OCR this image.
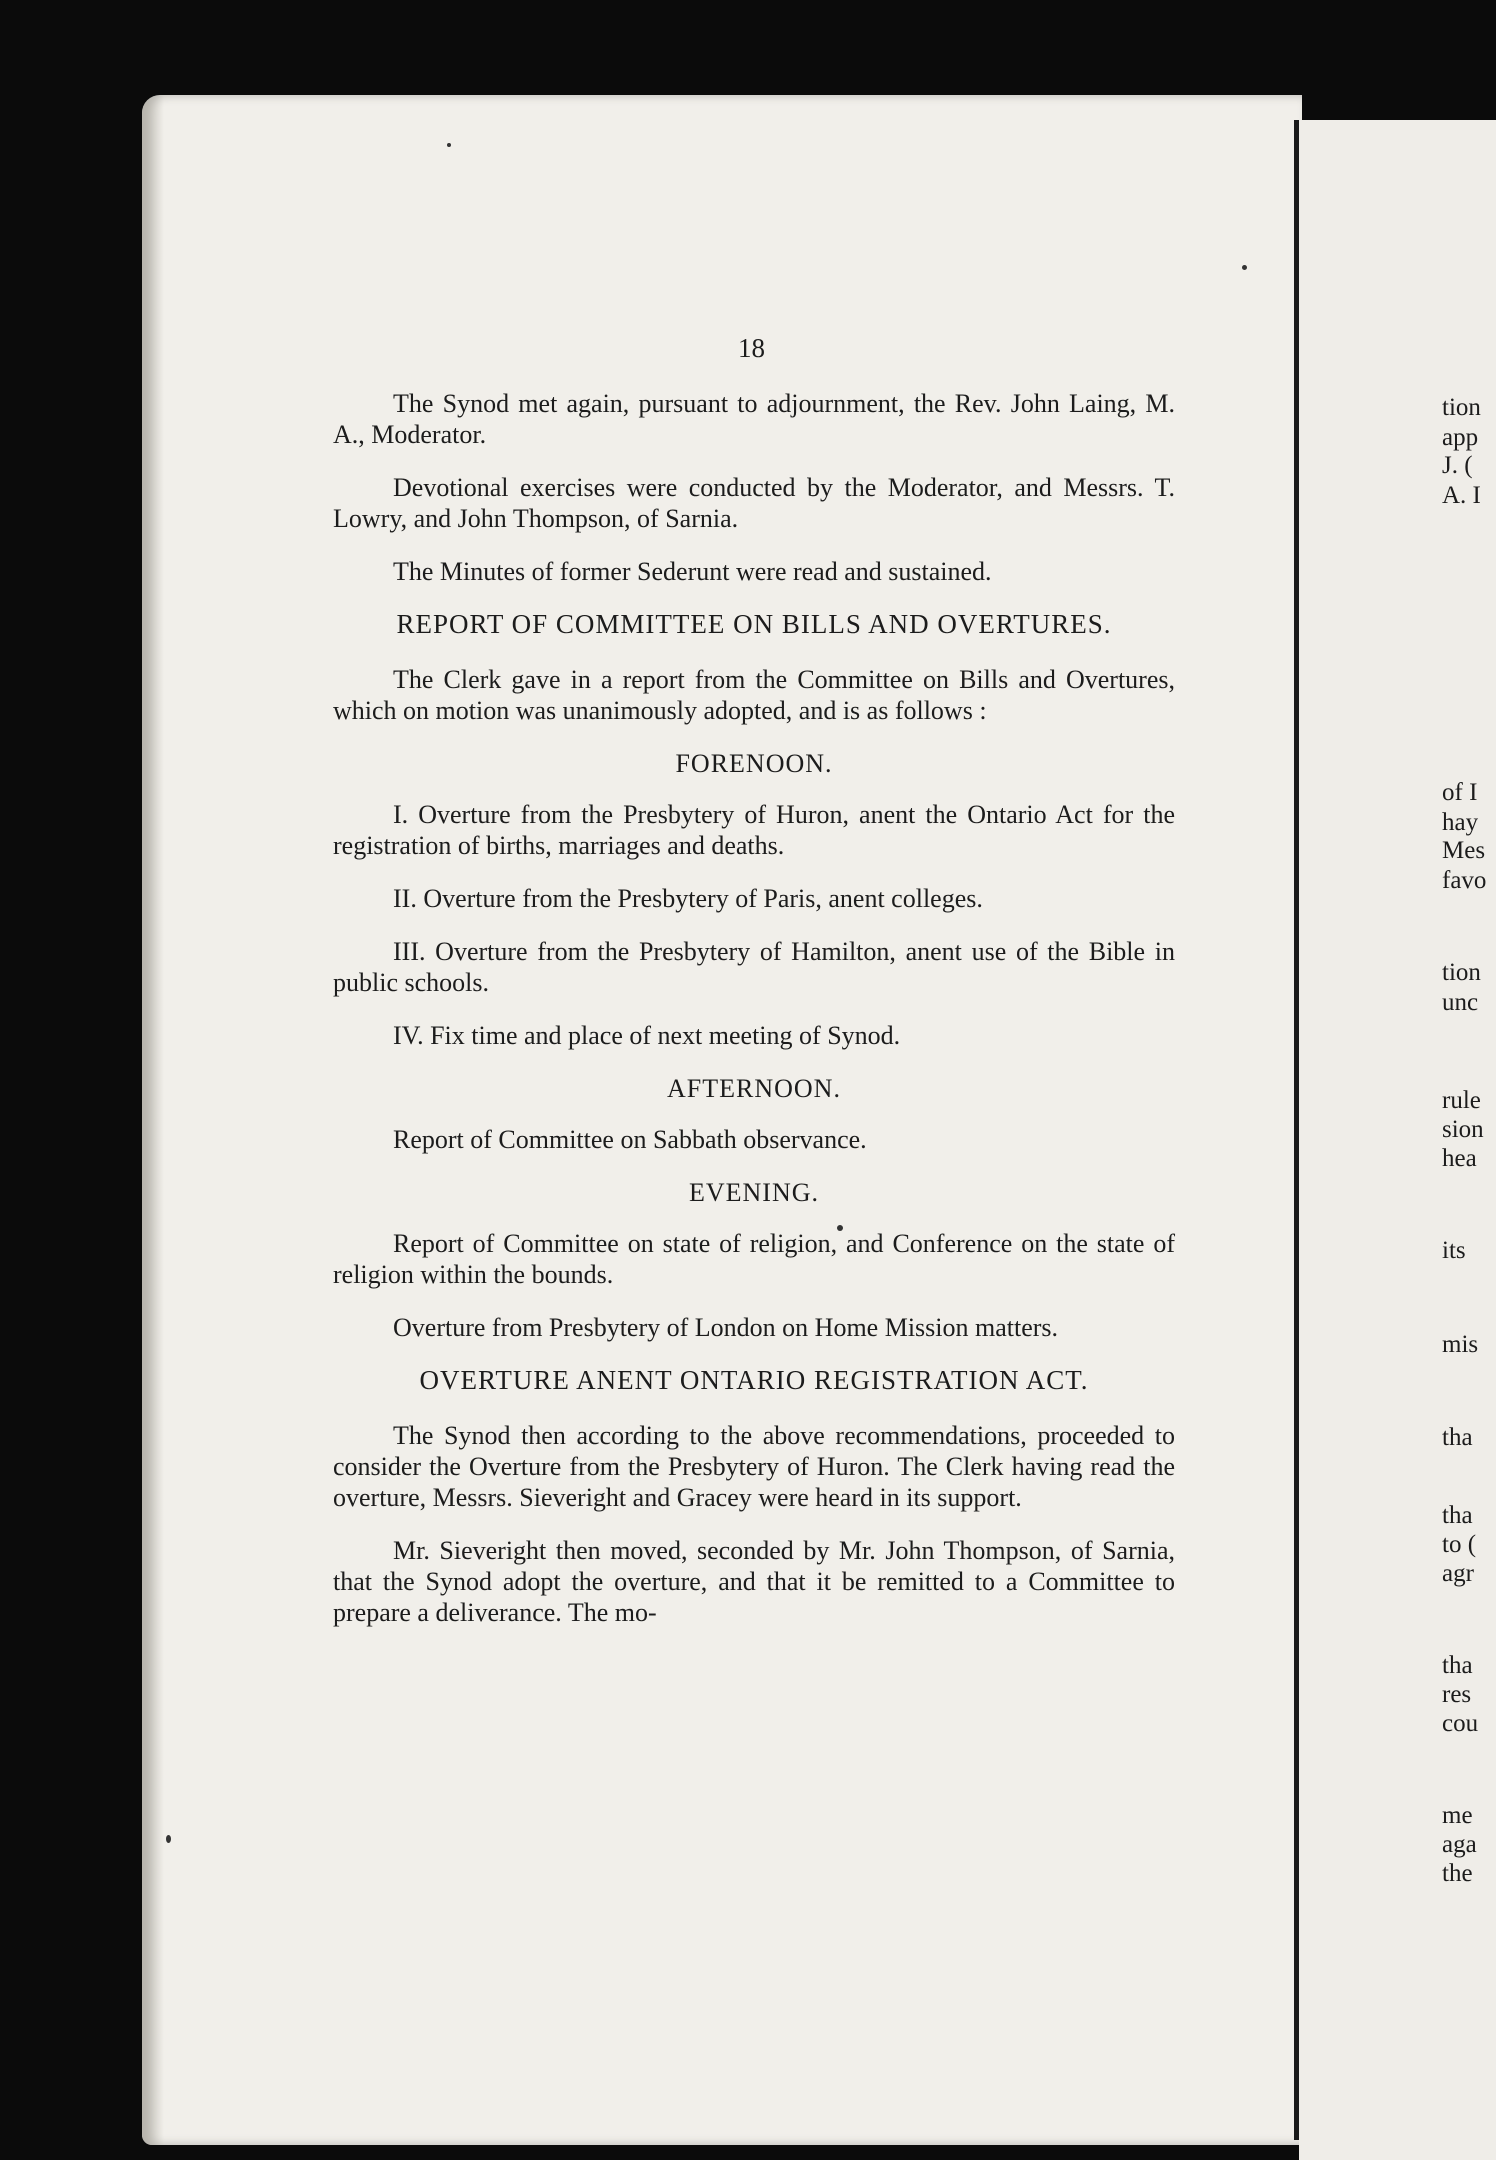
tion
app
J. (
A. I
of I
hay
Mes
favo
tion
unc
rule
sion
hea
its
mis
tha
tha
to (
agr
tha
res
cou
me
aga
the
18

The Synod met again, pursuant to adjournment, the Rev. John Laing, M. A., Moderator.

Devotional exercises were conducted by the Moderator, and Messrs. T. Lowry, and John Thompson, of Sarnia.

The Minutes of former Sederunt were read and sustained.

REPORT OF COMMITTEE ON BILLS AND OVERTURES.

The Clerk gave in a report from the Committee on Bills and Overtures, which on motion was unanimously adopted, and is as follows :

FORENOON.
I. Overture from the Presbytery of Huron, anent the Ontario Act for the registration of births, marriages and deaths.
II. Overture from the Presbytery of Paris, anent colleges.
III. Overture from the Presbytery of Hamilton, anent use of the Bible in public schools.
IV. Fix time and place of next meeting of Synod.
AFTERNOON.
Report of Committee on Sabbath observance.
EVENING.
Report of Committee on state of religion, and Conference on the state of religion within the bounds.
Overture from Presbytery of London on Home Mission matters.
OVERTURE ANENT ONTARIO REGISTRATION ACT.

The Synod then according to the above recommendations, proceeded to consider the Overture from the Presbytery of Huron. The Clerk having read the overture, Messrs. Sieveright and Gracey were heard in its support.

Mr. Sieveright then moved, seconded by Mr. John Thompson, of Sarnia, that the Synod adopt the overture, and that it be remitted to a Committee to prepare a deliverance. The mo-
